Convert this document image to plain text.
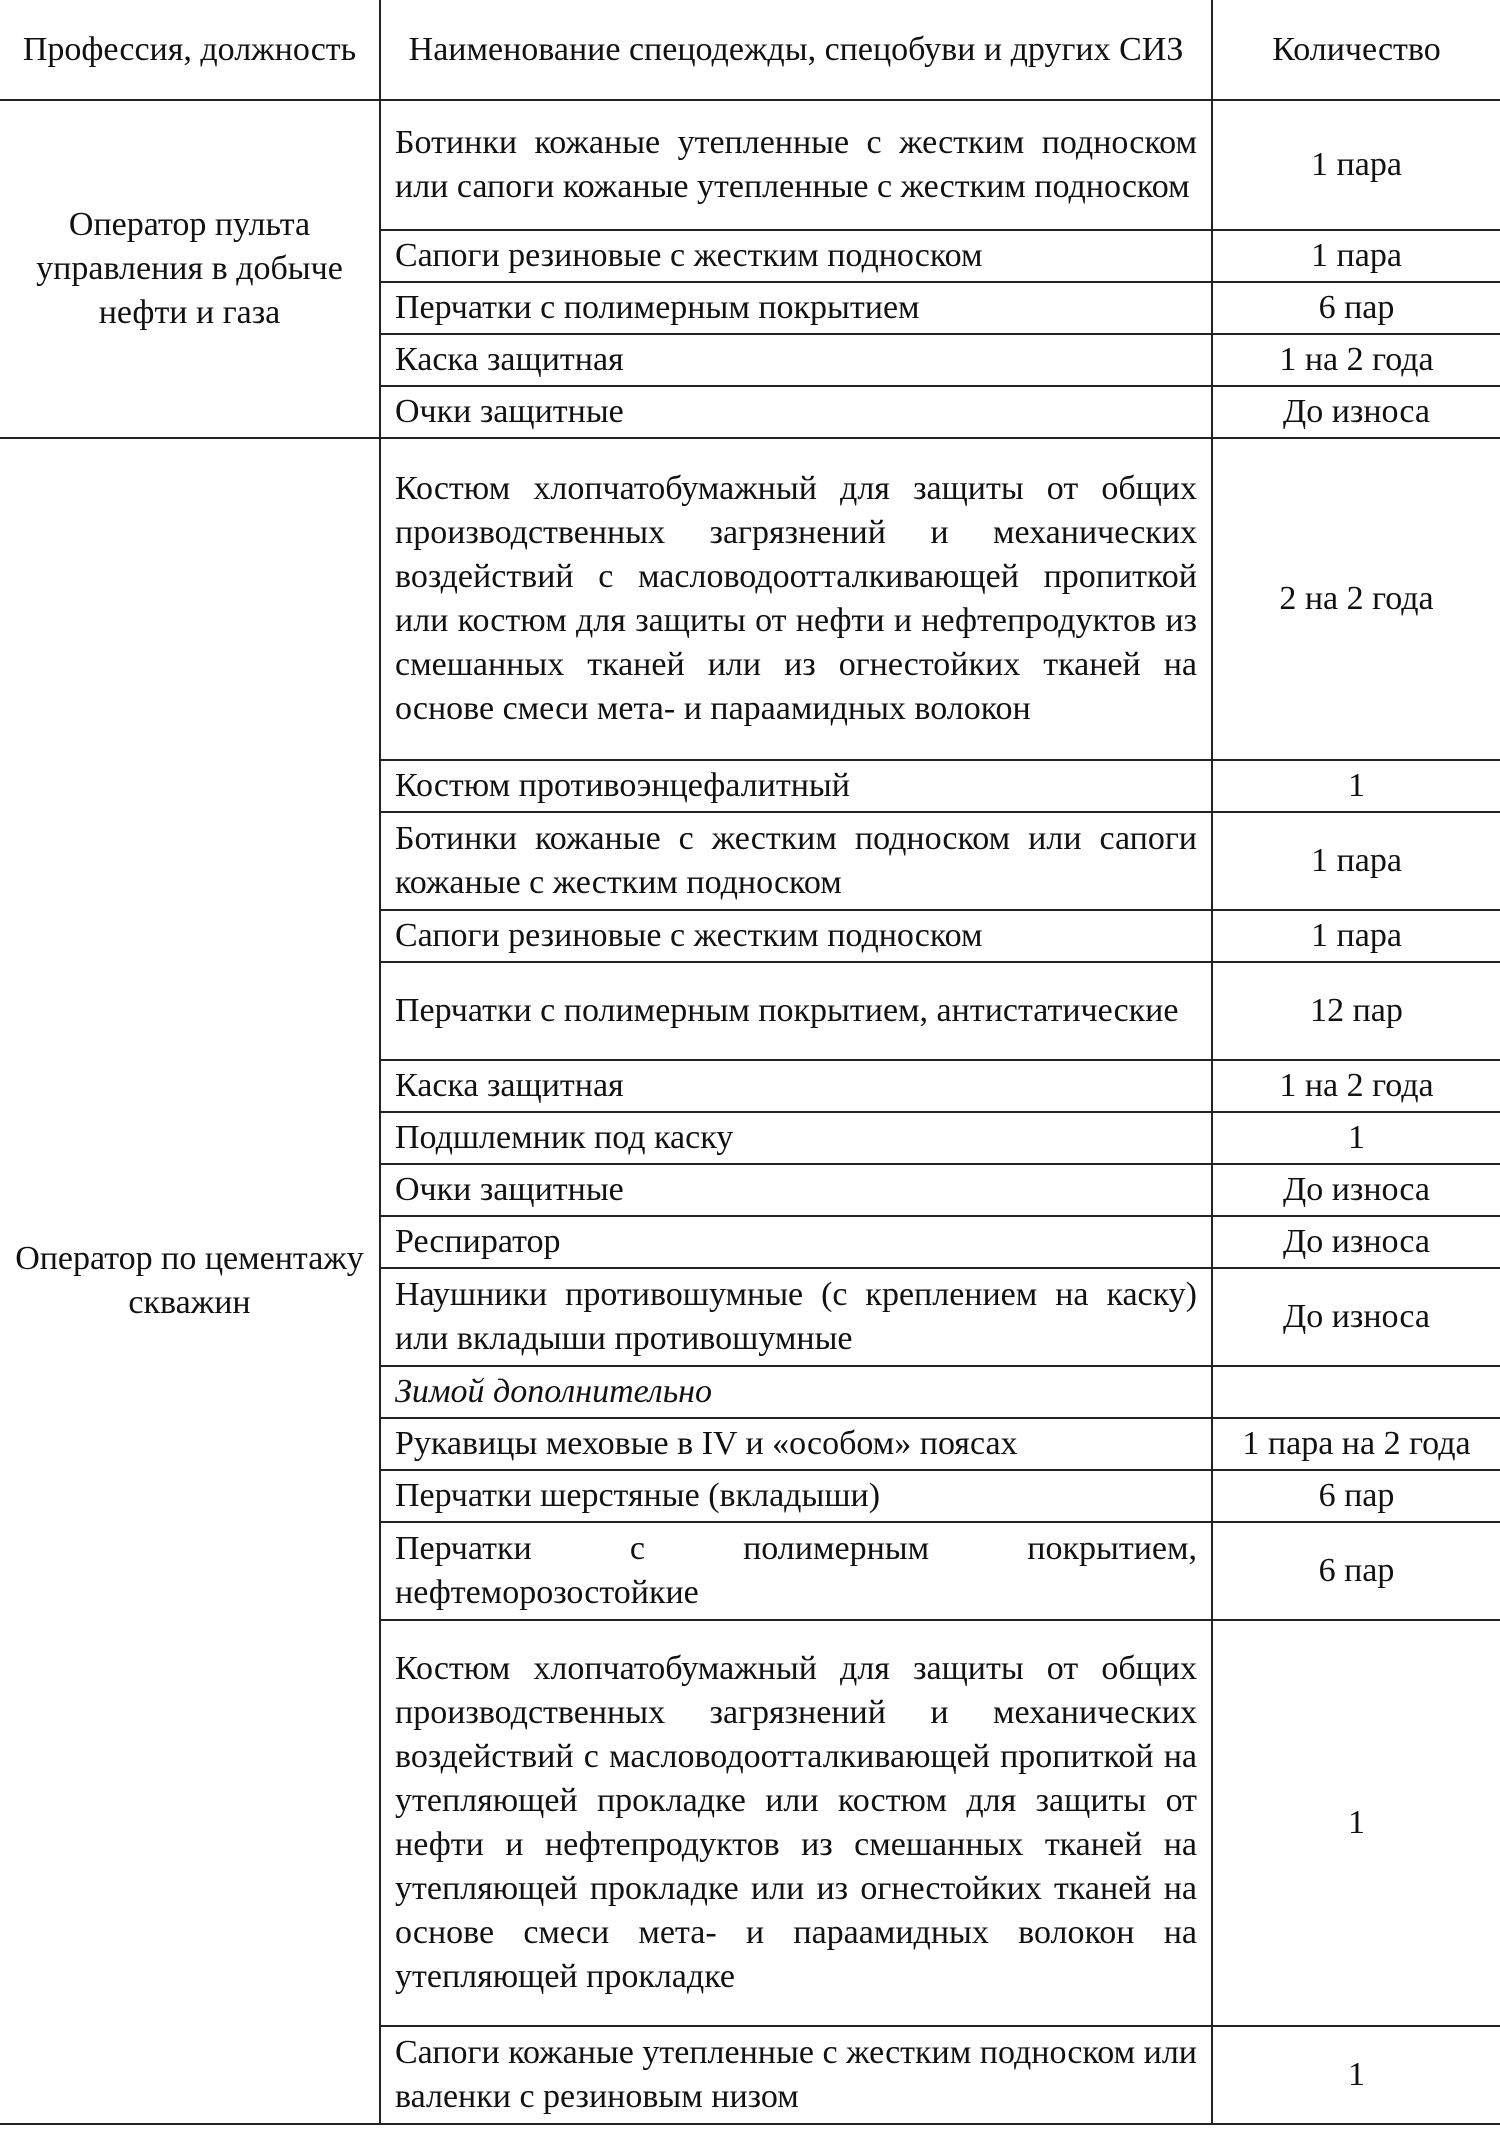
Профессия, должность	Наименование спецодежды, спецобуви и других СИЗ	Количество
Оператор пульта управления в добыче нефти и газа	Ботинки кожаные утепленные с жестким подноском или сапоги кожаные утепленные с жестким подноском	1 пара
	Сапоги резиновые с жестким подноском	1 пара
	Перчатки с полимерным покрытием	6 пар
	Каска защитная	1 на 2 года
	Очки защитные	До износа
Оператор по цементажу скважин	Костюм хлопчатобумажный для защиты от общих производственных загрязнений и механических воздействий с масловодоотталкивающей пропиткой или костюм для защиты от нефти и нефтепродуктов из смешанных тканей или из огнестойких тканей на основе смеси мета- и параамидных волокон	2 на 2 года
	Костюм противоэнцефалитный	1
	Ботинки кожаные с жестким подноском или сапоги кожаные с жестким подноском	1 пара
	Сапоги резиновые с жестким подноском	1 пара
	Перчатки с полимерным покрытием, антистатические	12 пар
	Каска защитная	1 на 2 года
	Подшлемник под каску	1
	Очки защитные	До износа
	Респиратор	До износа
	Наушники противошумные (с креплением на каску) или вкладыши противошумные	До износа
	Зимой дополнительно	
	Рукавицы меховые в IV и «особом» поясах	1 пара на 2 года
	Перчатки шерстяные (вкладыши)	6 пар
	Перчатки с полимерным покрытием, нефтеморозостойкие	6 пар
	Костюм хлопчатобумажный для защиты от общих производственных загрязнений и механических воздействий с масловодоотталкивающей пропиткой на утепляющей прокладке или костюм для защиты от нефти и нефтепродуктов из смешанных тканей на утепляющей прокладке или из огнестойких тканей на основе смеси мета- и параамидных волокон на утепляющей прокладке	1
	Сапоги кожаные утепленные с жестким подноском или валенки с резиновым низом	1
